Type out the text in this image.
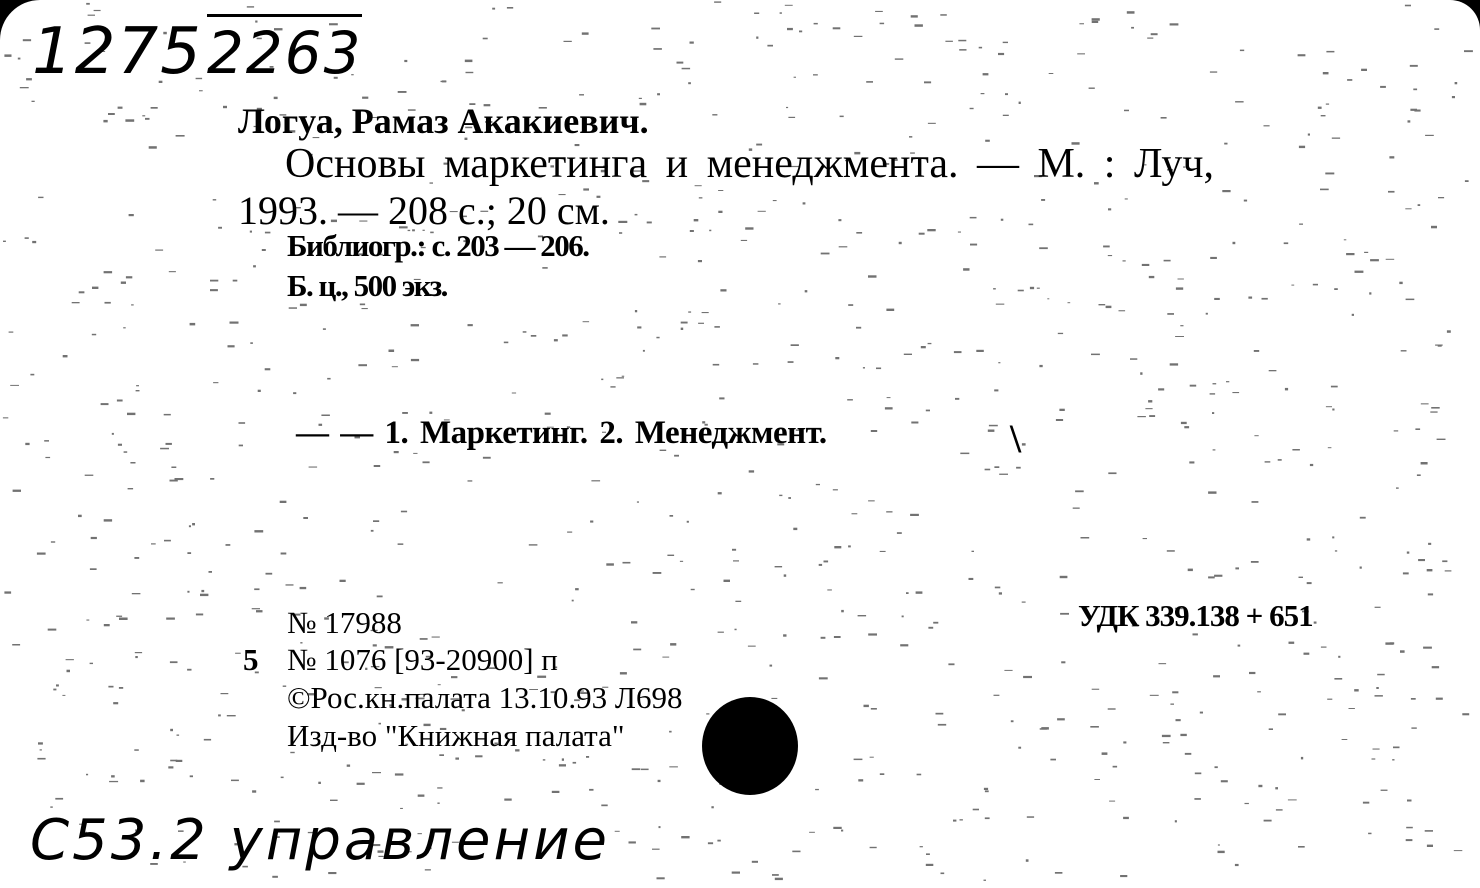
12752263
Логуа, Рамаз Акакиевич.
Основы маркетинга и менеджмента. — М. : Луч,
1993. — 208 с.; 20 см.
Библиогр.: с. 203 — 206.
Б. ц., 500 экз.
— — 1. Маркетинг. 2. Менеджмент.	\
№ 17988	УДК 339.138 + 651
5 № 1076 [93-20900] п
©Рос.кн.палата 13.10.93 Л698
Изд-во "Книжная палата"
С53.2 управление
